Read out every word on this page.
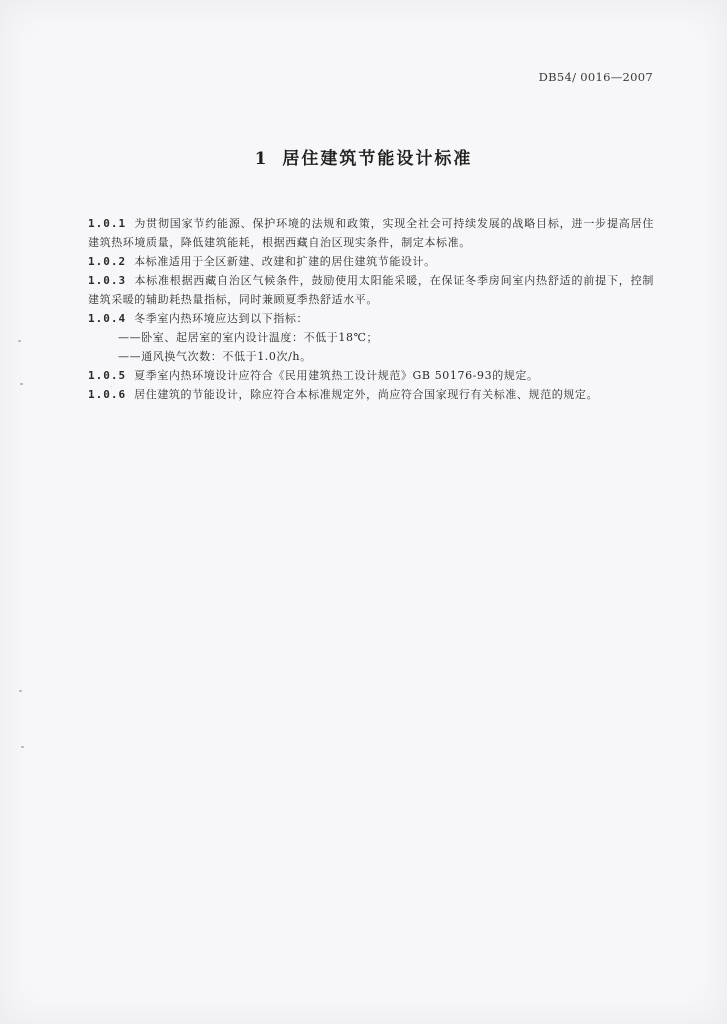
DB54/ 0016—2007
1 居住建筑节能设计标准

1.0.1 为贯彻国家节约能源、保护环境的法规和政策，实现全社会可持续发展的战略目标，进一步提高居住建筑热环境质量，降低建筑能耗，根据西藏自治区现实条件，制定本标准。

1.0.2 本标准适用于全区新建、改建和扩建的居住建筑节能设计。

1.0.3 本标准根据西藏自治区气候条件，鼓励使用太阳能采暖，在保证冬季房间室内热舒适的前提下，控制建筑采暖的辅助耗热量指标，同时兼顾夏季热舒适水平。

1.0.4 冬季室内热环境应达到以下指标：

——卧室、起居室的室内设计温度：不低于18℃；

——通风换气次数：不低于1.0次/h。

1.0.5 夏季室内热环境设计应符合《民用建筑热工设计规范》GB 50176-93的规定。

1.0.6 居住建筑的节能设计，除应符合本标准规定外，尚应符合国家现行有关标准、规范的规定。
